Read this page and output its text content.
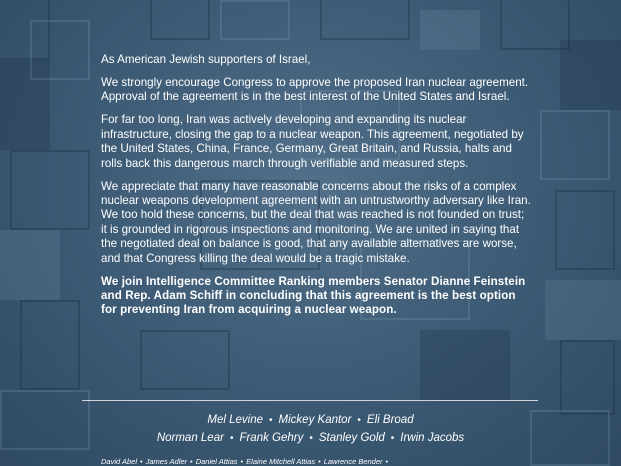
As American Jewish supporters of Israel,

We strongly encourage Congress to approve the proposed Iran nuclear agreement. Approval of the agreement is in the best interest of the United States and Israel.

For far too long, Iran was actively developing and expanding its nuclear infrastructure, closing the gap to a nuclear weapon. This agreement, negotiated by the United States, China, France, Germany, Great Britain, and Russia, halts and rolls back this dangerous march through verifiable and measured steps.

We appreciate that many have reasonable concerns about the risks of a complex nuclear weapons development agreement with an untrustworthy adversary like Iran. We too hold these concerns, but the deal that was reached is not founded on trust; it is grounded in rigorous inspections and monitoring. We are united in saying that the negotiated deal on balance is good, that any available alternatives are worse, and that Congress killing the deal would be a tragic mistake.

We join Intelligence Committee Ranking members Senator Dianne Feinstein and Rep. Adam Schiff in concluding that this agreement is the best option for preventing Iran from acquiring a nuclear weapon.

Mel Levine • Mickey Kantor • Eli Broad
Norman Lear • Frank Gehry • Stanley Gold • Irwin Jacobs
David Abel • James Adler • Daniel Attias • Elaine Mitchell Attias • Lawrence Bender •
